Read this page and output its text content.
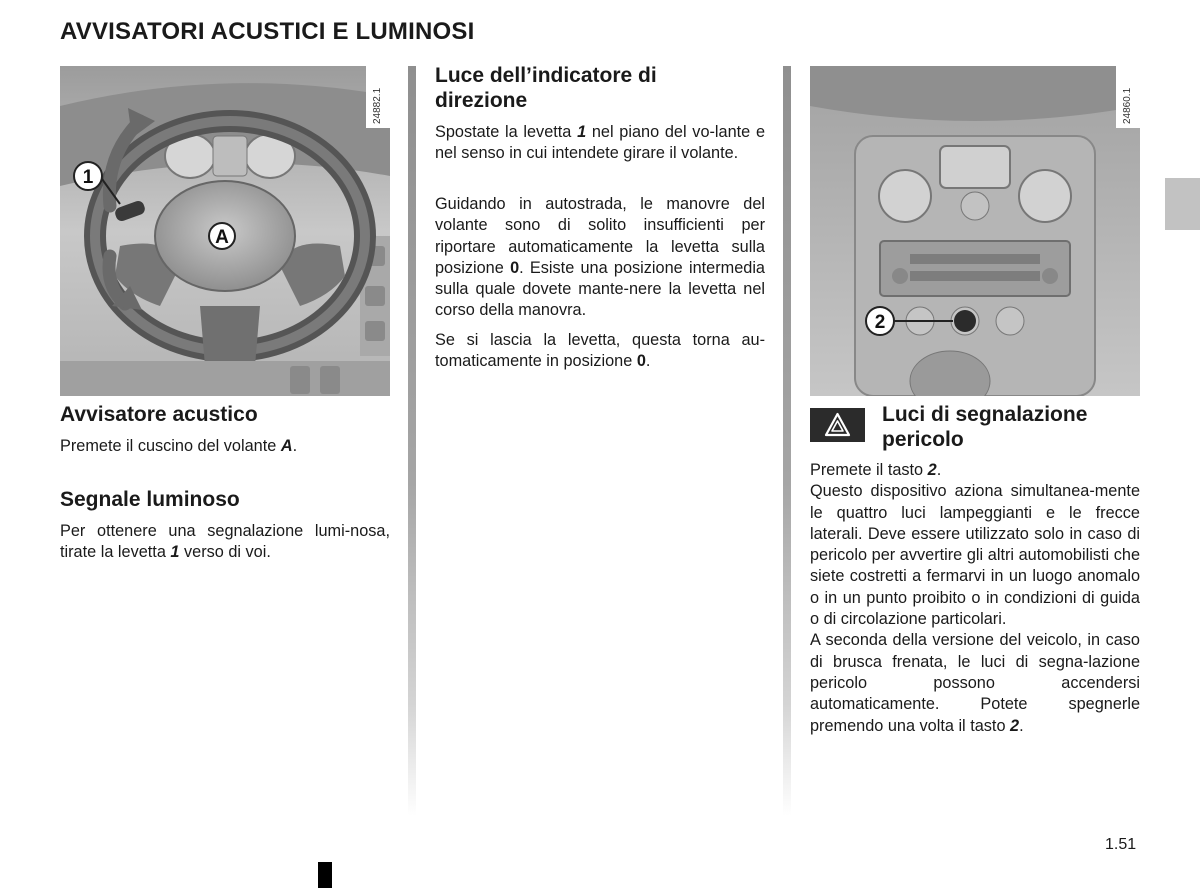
AVVISATORI ACUSTICI E LUMINOSI
1
A
24882.1
2
24860.1
Avvisatore acustico

Premete il cuscino del volante A.

Segnale luminoso

Per ottenere una segnalazione lumi-nosa, tirate la levetta 1 verso di voi.

Luce dell’indicatore di
direzione

Spostate la levetta 1 nel piano del vo-lante e nel senso in cui intendete girare il volante.

Guidando in autostrada, le manovre del volante sono di solito insufficienti per riportare automaticamente la levetta sulla posizione 0. Esiste una posizione intermedia sulla quale dovete mante-nere la levetta nel corso della manovra.

Se si lascia la levetta, questa torna au-tomaticamente in posizione 0.

Luci di segnalazione
pericolo

Premete il tasto 2.
Questo dispositivo aziona simultanea-mente le quattro luci lampeggianti e le frecce laterali. Deve essere utilizzato solo in caso di pericolo per avvertire gli altri automobilisti che siete costretti a fermarvi in un luogo anomalo o in un punto proibito o in condizioni di guida o di circolazione particolari.
A seconda della versione del veicolo, in caso di brusca frenata, le luci di segna-lazione pericolo possono accendersi automaticamente. Potete spegnerle premendo una volta il tasto 2.

1.51
